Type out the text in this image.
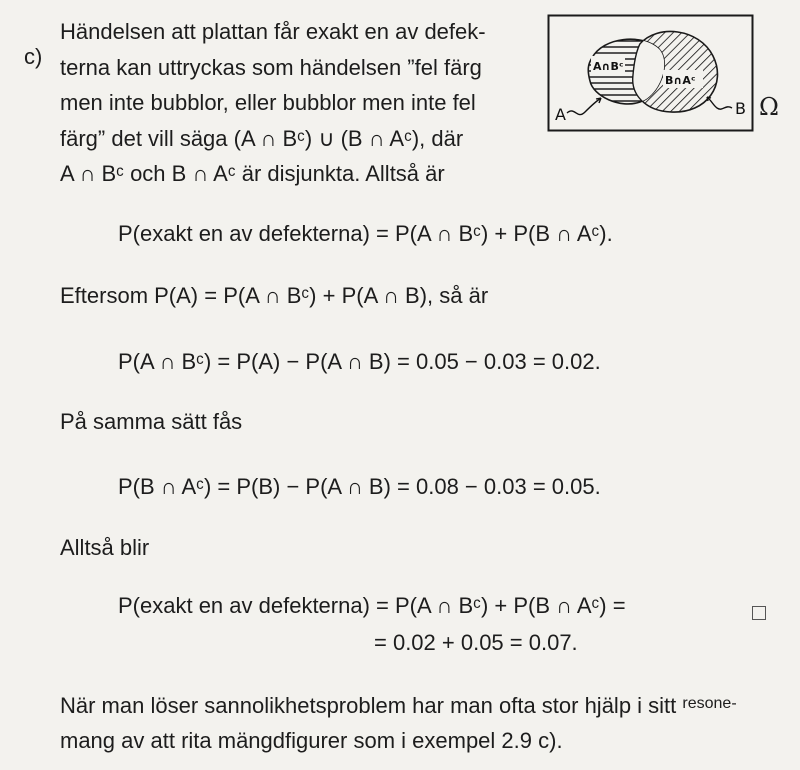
c)
Händelsen att plattan får exakt en av defek-
terna kan uttryckas som händelsen ”fel färg
men inte bubblor, eller bubblor men inte fel
färg” det vill säga (A ∩ Bᶜ) ∪ (B ∩ Aᶜ), där
A ∩ Bᶜ och B ∩ Aᶜ är disjunkta. Alltså är
P(exakt en av defekterna) = P(A ∩ Bᶜ) + P(B ∩ Aᶜ).
Eftersom P(A) = P(A ∩ Bᶜ) + P(A ∩ B), så är
P(A ∩ Bᶜ) = P(A) − P(A ∩ B) = 0.05 − 0.03 = 0.02.
På samma sätt fås
P(B ∩ Aᶜ) = P(B) − P(A ∩ B) = 0.08 − 0.03 = 0.05.
Alltså blir
P(exakt en av defekterna) = P(A ∩ Bᶜ) + P(B ∩ Aᶜ) =
= 0.02 + 0.05 = 0.07.
När man löser sannolikhetsproblem har man ofta stor hjälp i sitt $^{resone-}$
mang av att rita mängdfigurer som i exempel 2.9 c).
A∩Bᶜ
B∩Aᶜ
A	B Ω
